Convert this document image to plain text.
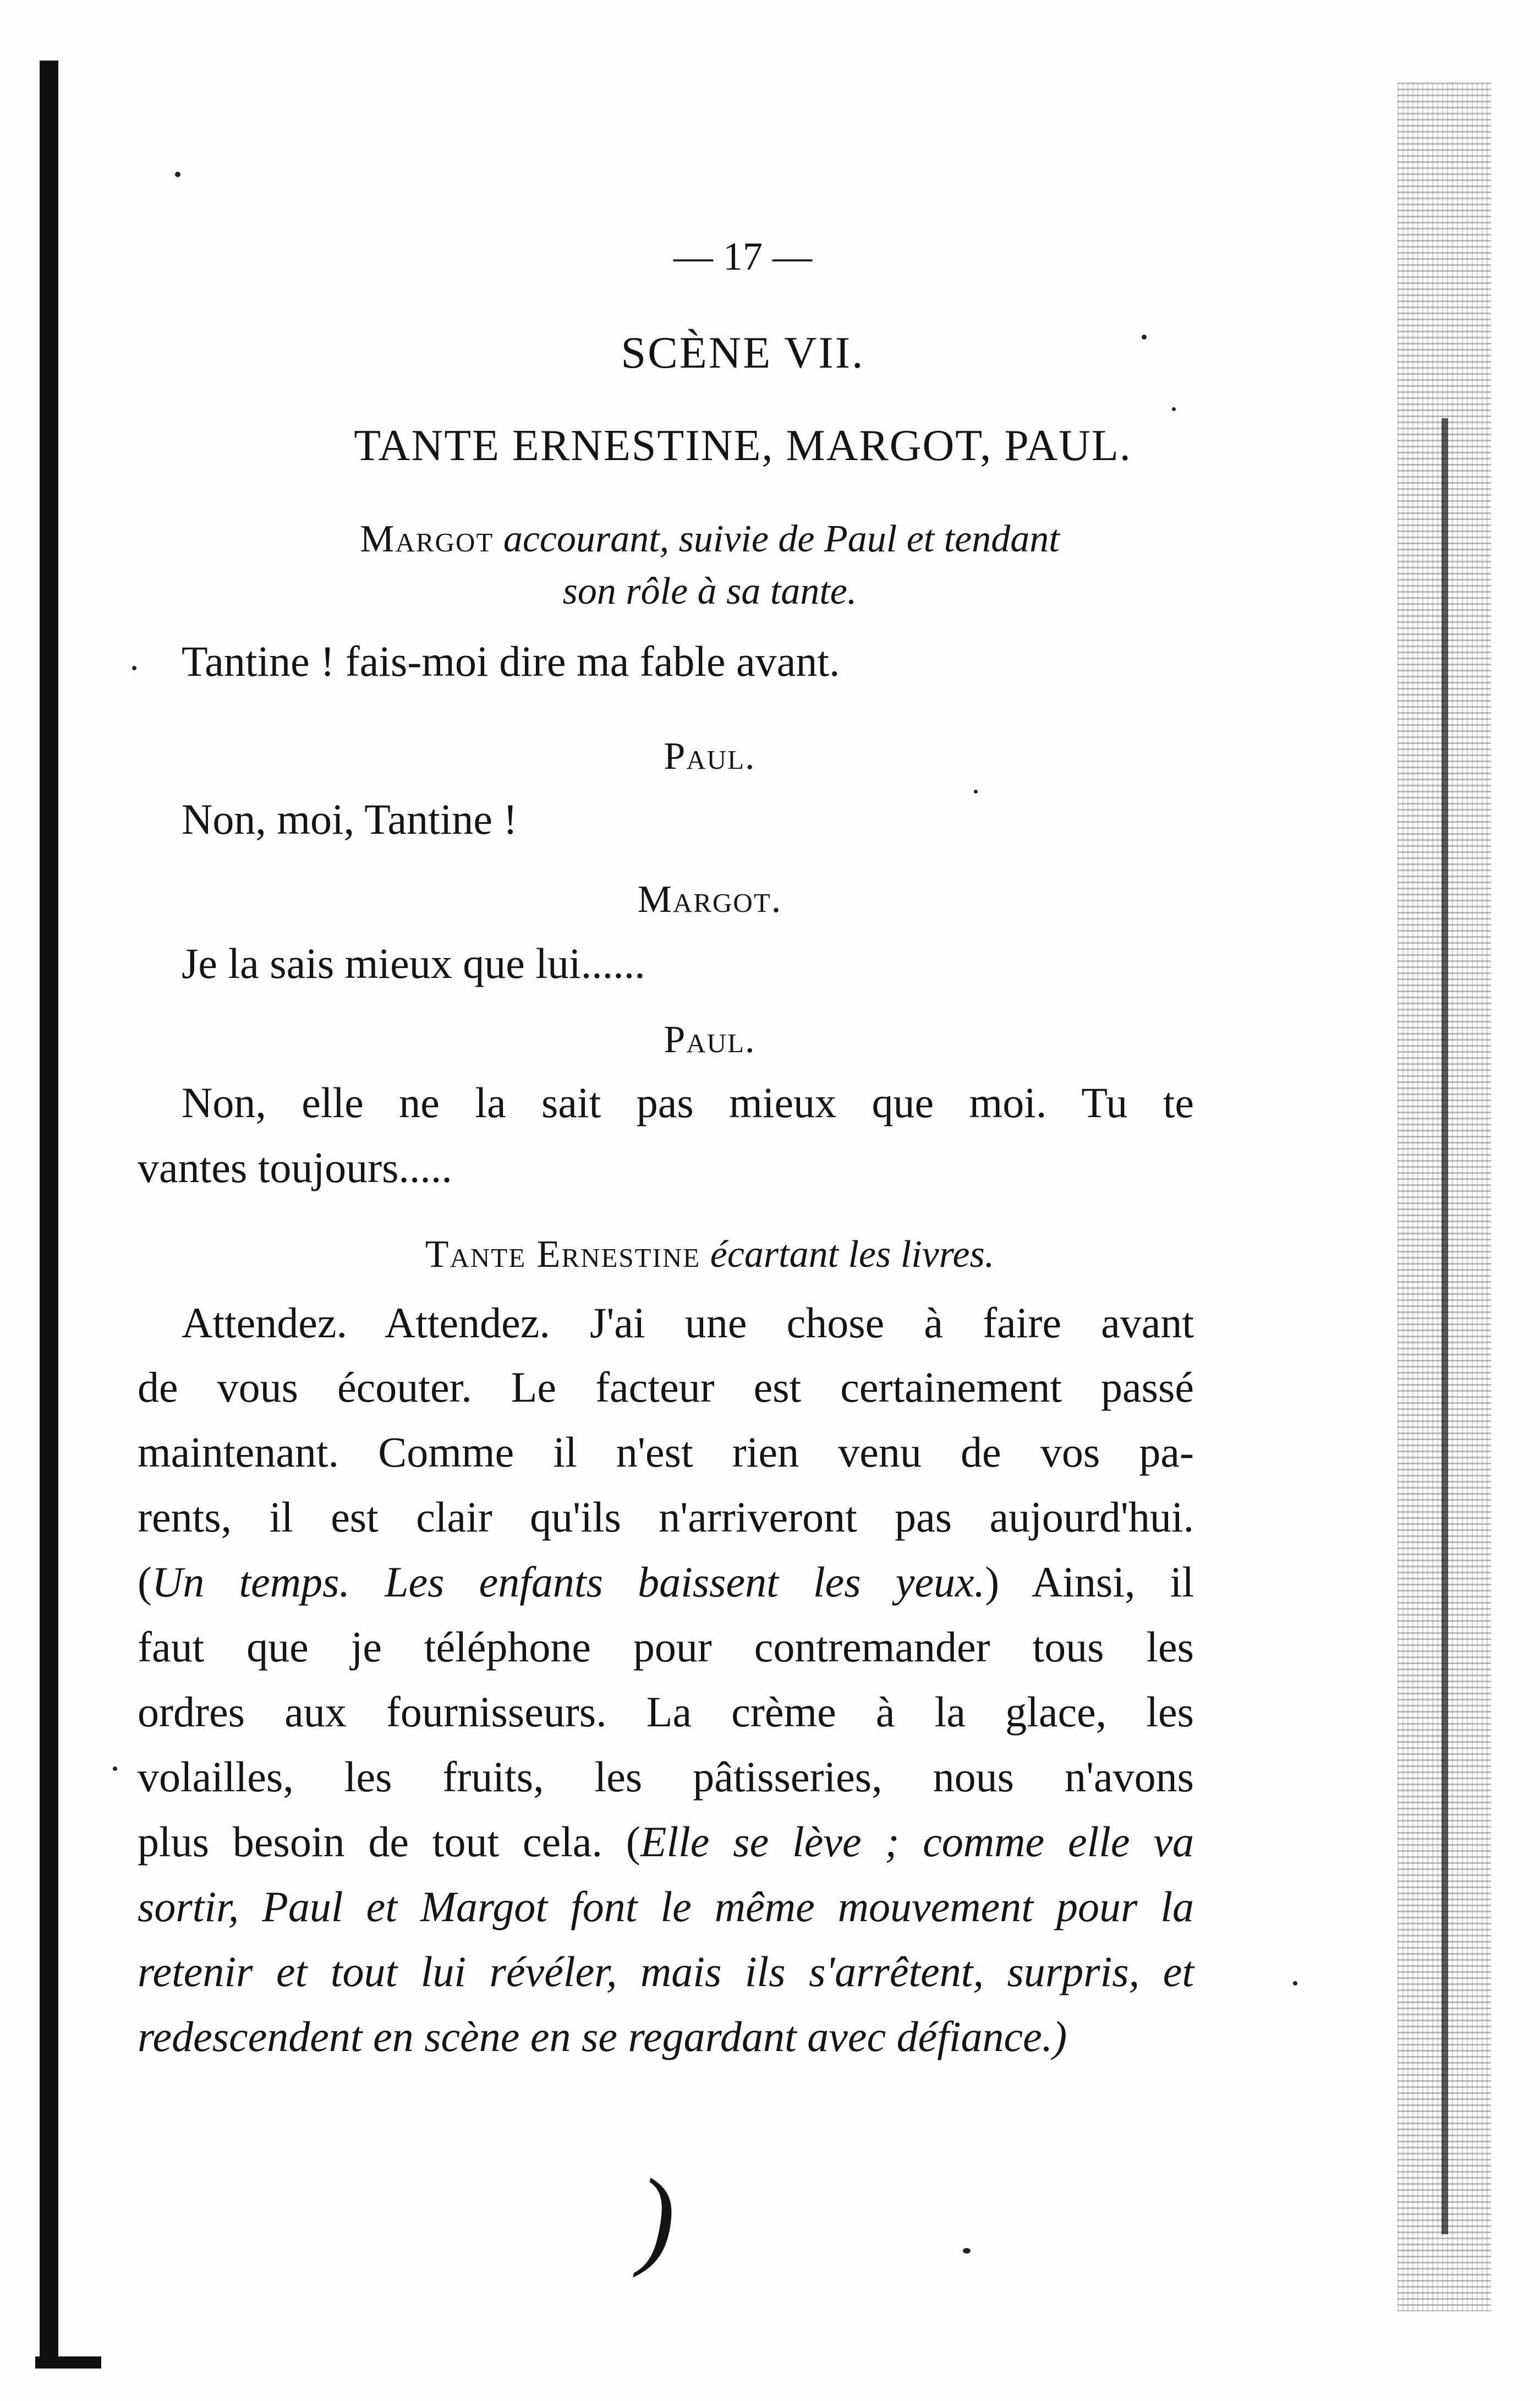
— 17 —
SCÈNE VII.
TANTE ERNESTINE, MARGOT, PAUL.
Margot accourant, suivie de Paul et tendant
son rôle à sa tante.
Tantine ! fais-moi dire ma fable avant.
Paul.
Non, moi, Tantine !
Margot.
Je la sais mieux que lui......
Paul.
Non, elle ne la sait pas mieux que moi. Tu te
vantes toujours.....
Tante Ernestine écartant les livres.
Attendez. Attendez. J'ai une chose à faire avant
de vous écouter. Le facteur est certainement passé
maintenant. Comme il n'est rien venu de vos pa-
rents, il est clair qu'ils n'arriveront pas aujourd'hui.
(Un temps. Les enfants baissent les yeux.) Ainsi, il
faut que je téléphone pour contremander tous les
ordres aux fournisseurs. La crème à la glace, les
volailles, les fruits, les pâtisseries, nous n'avons
plus besoin de tout cela. (Elle se lève ; comme elle va
sortir, Paul et Margot font le même mouvement pour la
retenir et tout lui révéler, mais ils s'arrêtent, surpris, et
redescendent en scène en se regardant avec défiance.)
)
